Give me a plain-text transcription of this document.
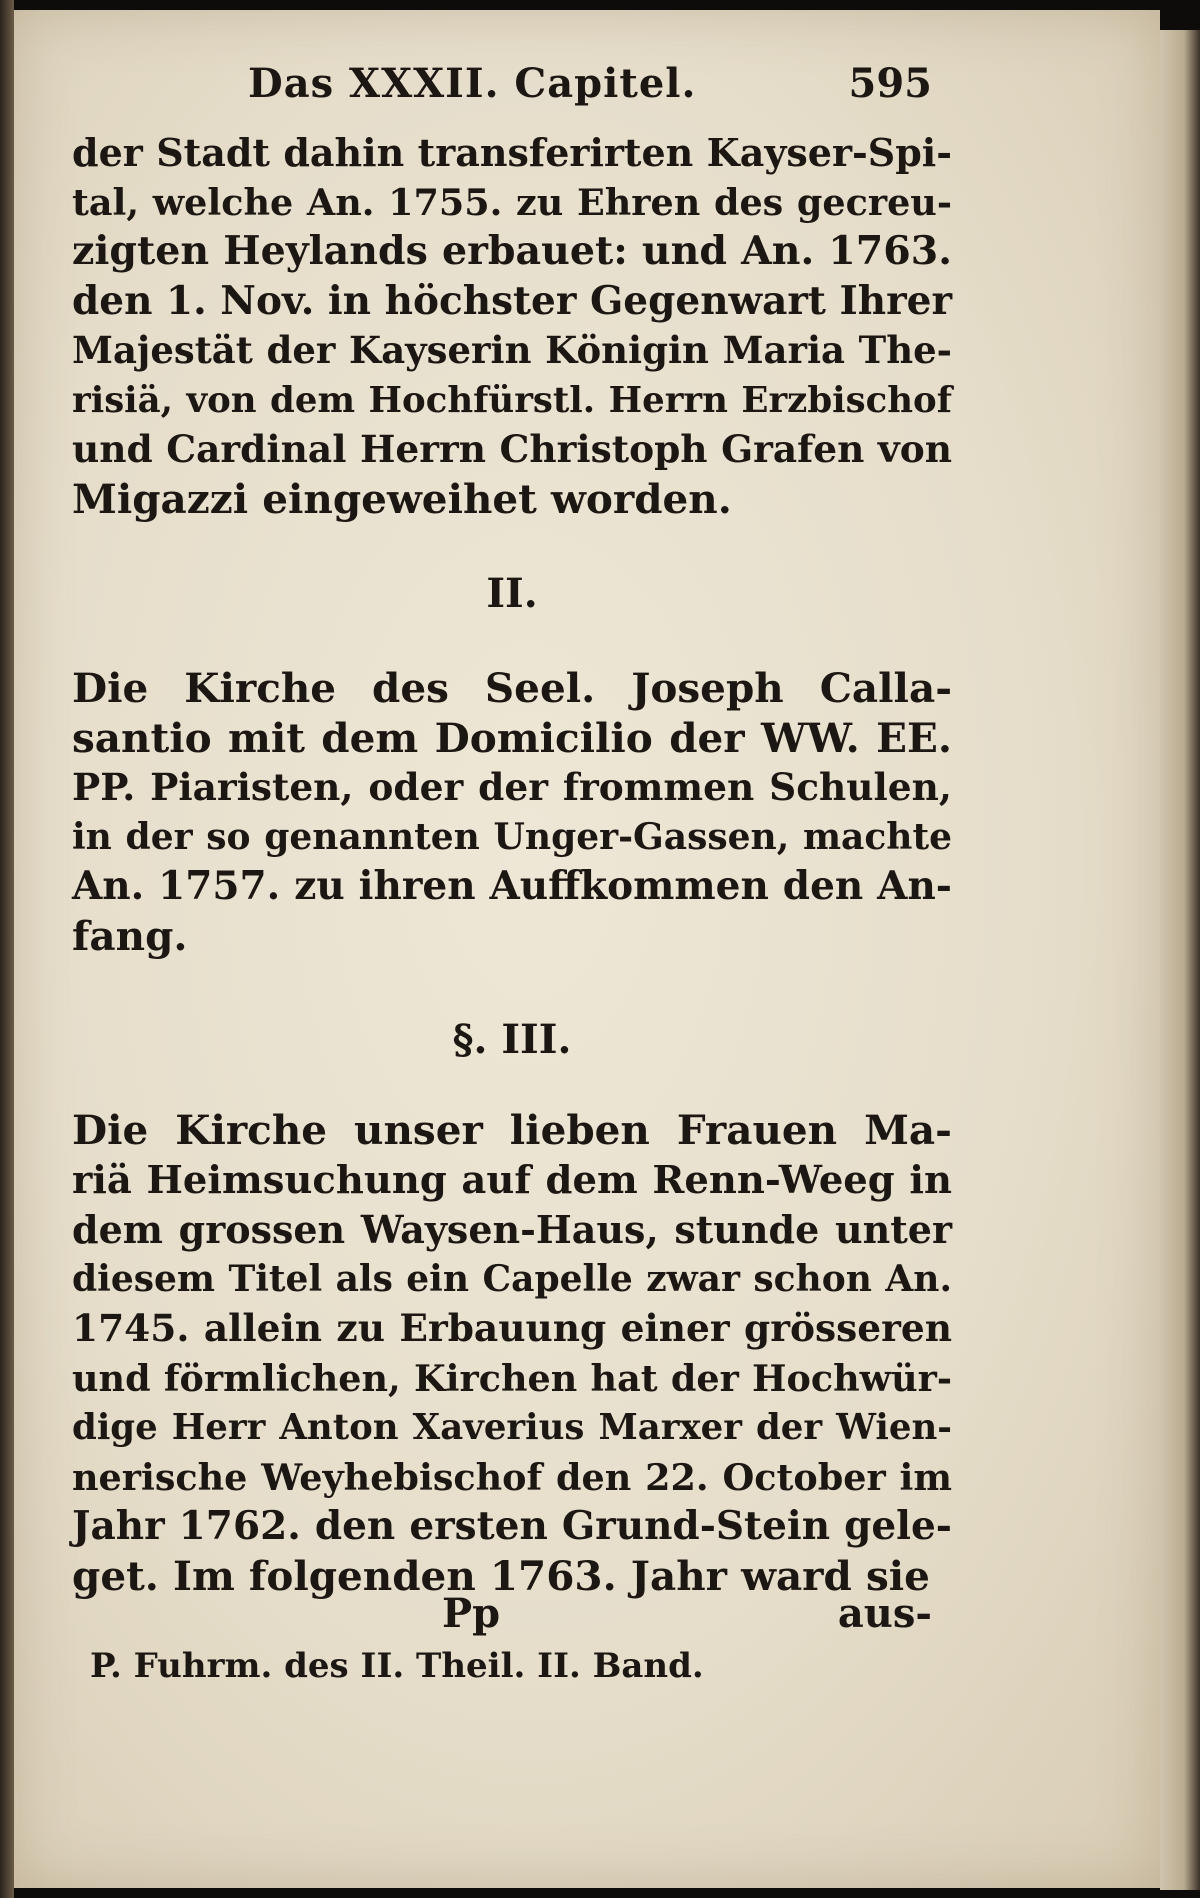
Das XXXII. Capitel.	595

der Stadt dahin transferirten Kayser-Spi-
tal, welche An. 1755. zu Ehren des gecreu-
zigten Heylands erbauet: und An. 1763.
den 1. Nov. in höchster Gegenwart Ihrer
Majestät der Kayserin Königin Maria The-
risiä, von dem Hochfürstl. Herrn Erzbischof
und Cardinal Herrn Christoph Grafen von
Migazzi eingeweihet worden.

II.

Die Kirche des Seel. Joseph Calla-
santio mit dem Domicilio der WW. EE.
PP. Piaristen, oder der frommen Schulen,
in der so genannten Unger-Gassen, machte
An. 1757. zu ihren Auffkommen den An-
fang.

§. III.

Die Kirche unser lieben Frauen Ma-
riä Heimsuchung auf dem Renn-Weeg in
dem grossen Waysen-Haus, stunde unter
diesem Titel als ein Capelle zwar schon An.
1745. allein zu Erbauung einer grösseren
und förmlichen, Kirchen hat der Hochwür-
dige Herr Anton Xaverius Marxer der Wien-
nerische Weyhebischof den 22. October im
Jahr 1762. den ersten Grund-Stein gele-
get. Im folgenden 1763. Jahr ward sie

Pp	aus-
P. Fuhrm. des II. Theil. II. Band.
